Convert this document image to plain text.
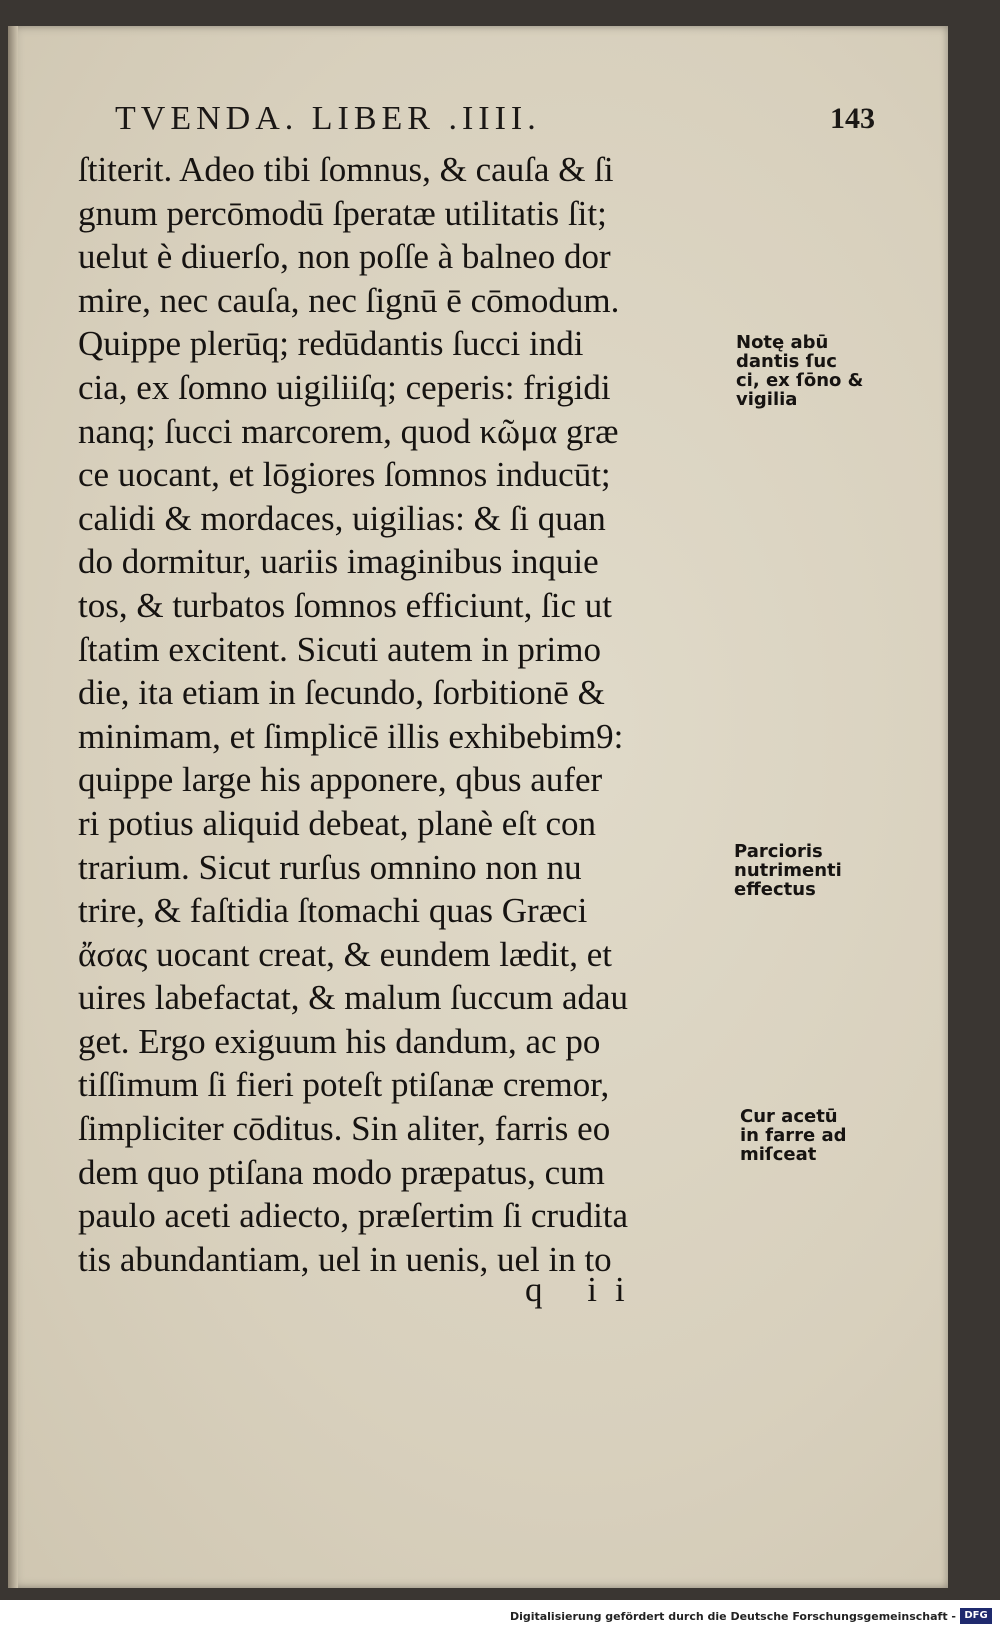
TVENDA. LIBER .IIII.	143
ſtiterit. Adeo tibi ſomnus, & cauſa & ſi
gnum percōmodū ſperatæ utilitatis ſit;
uelut è diuerſo, non poſſe à balneo dor
mire, nec cauſa, nec ſignū ē cōmodum.
Quippe plerūq; redūdantis ſucci indi
cia, ex ſomno uigiliiſq; ceperis: frigidi
nanq; ſucci marcorem, quod κῶμα græ
ce uocant, et lōgiores ſomnos inducūt;
calidi & mordaces, uigilias: & ſi quan
do dormitur, uariis imaginibus inquie
tos, & turbatos ſomnos efficiunt, ſic ut
ſtatim excitent. Sicuti autem in primo
die, ita etiam in ſecundo, ſorbitionē &
minimam, et ſimplicē illis exhibebim9:
quippe large his apponere, qbus aufer
ri potius aliquid debeat, planè eſt con
trarium. Sicut rurſus omnino non nu
trire, & faſtidia ſtomachi quas Græci
ἄσας uocant creat, & eundem lædit, et
uires labefactat, & malum ſuccum adau
get. Ergo exiguum his dandum, ac po
tiſſimum ſi fieri poteſt ptiſanæ cremor,
ſimpliciter cōditus. Sin aliter, farris eo
dem quo ptiſana modo præpatus, cum
paulo aceti adiecto, præſertim ſi crudita
tis abundantiam, uel in uenis, uel in to
Notę abū
dantis ſuc
ci, ex ſōno &
vigilia
Parcioris
nutrimenti
effectus
Cur acetū
in farre ad
miſceat
q ii
Digitalisierung gefördert durch die Deutsche Forschungsgemeinschaft - DFG
